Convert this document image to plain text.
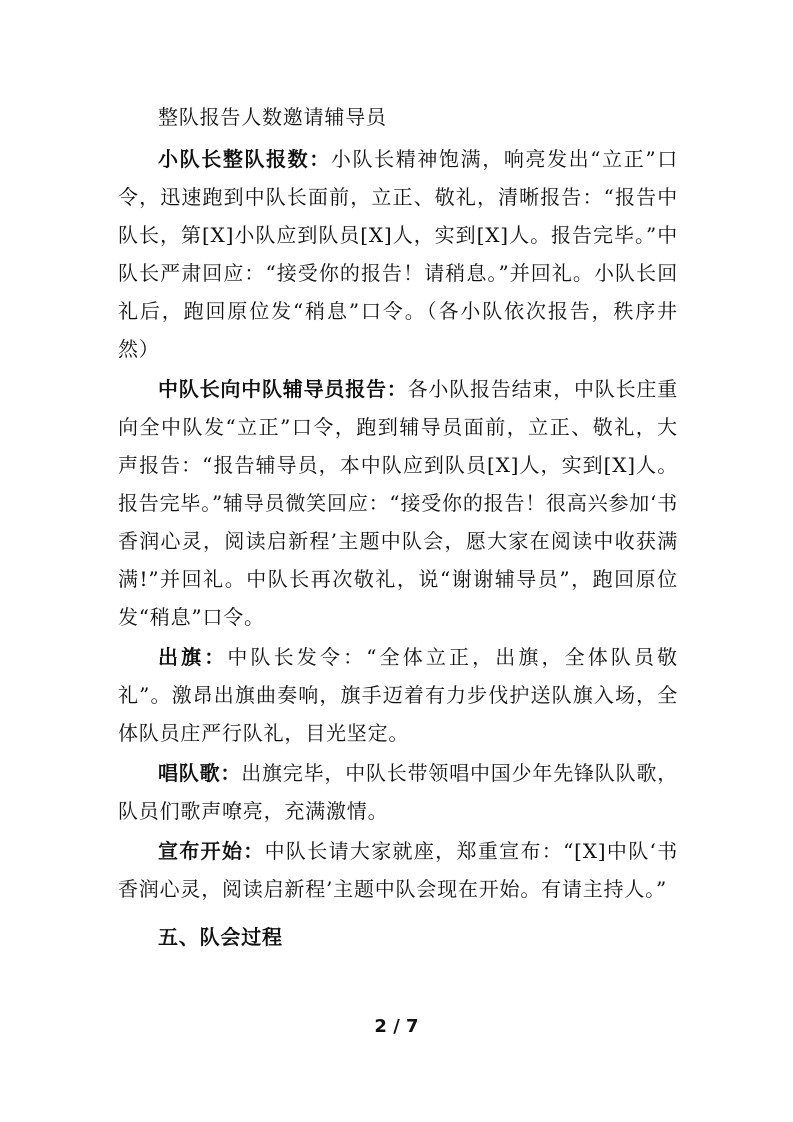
整队报告人数邀请辅导员

小队长整队报数：小队长精神饱满，响亮发出“立正”口令，迅速跑到中队长面前，立正、敬礼，清晰报告：“报告中队长，第[X]小队应到队员[X]人，实到[X]人。报告完毕。”中队长严肃回应：“接受你的报告！请稍息。”并回礼。小队长回礼后，跑回原位发“稍息”口令。（各小队依次报告，秩序井然）

中队长向中队辅导员报告：各小队报告结束，中队长庄重向全中队发“立正”口令，跑到辅导员面前，立正、敬礼，大声报告：“报告辅导员，本中队应到队员[X]人，实到[X]人。报告完毕。”辅导员微笑回应：“接受你的报告！很高兴参加‘书香润心灵，阅读启新程’主题中队会，愿大家在阅读中收获满满!”并回礼。中队长再次敬礼，说“谢谢辅导员”，跑回原位发“稍息”口令。

出旗：中队长发令：“全体立正，出旗，全体队员敬礼”。激昂出旗曲奏响，旗手迈着有力步伐护送队旗入场，全体队员庄严行队礼，目光坚定。

唱队歌：出旗完毕，中队长带领唱中国少年先锋队队歌，队员们歌声嘹亮，充满激情。

宣布开始：中队长请大家就座，郑重宣布：“[X]中队‘书香润心灵，阅读启新程’主题中队会现在开始。有请主持人。”

五、队会过程

2 / 7
